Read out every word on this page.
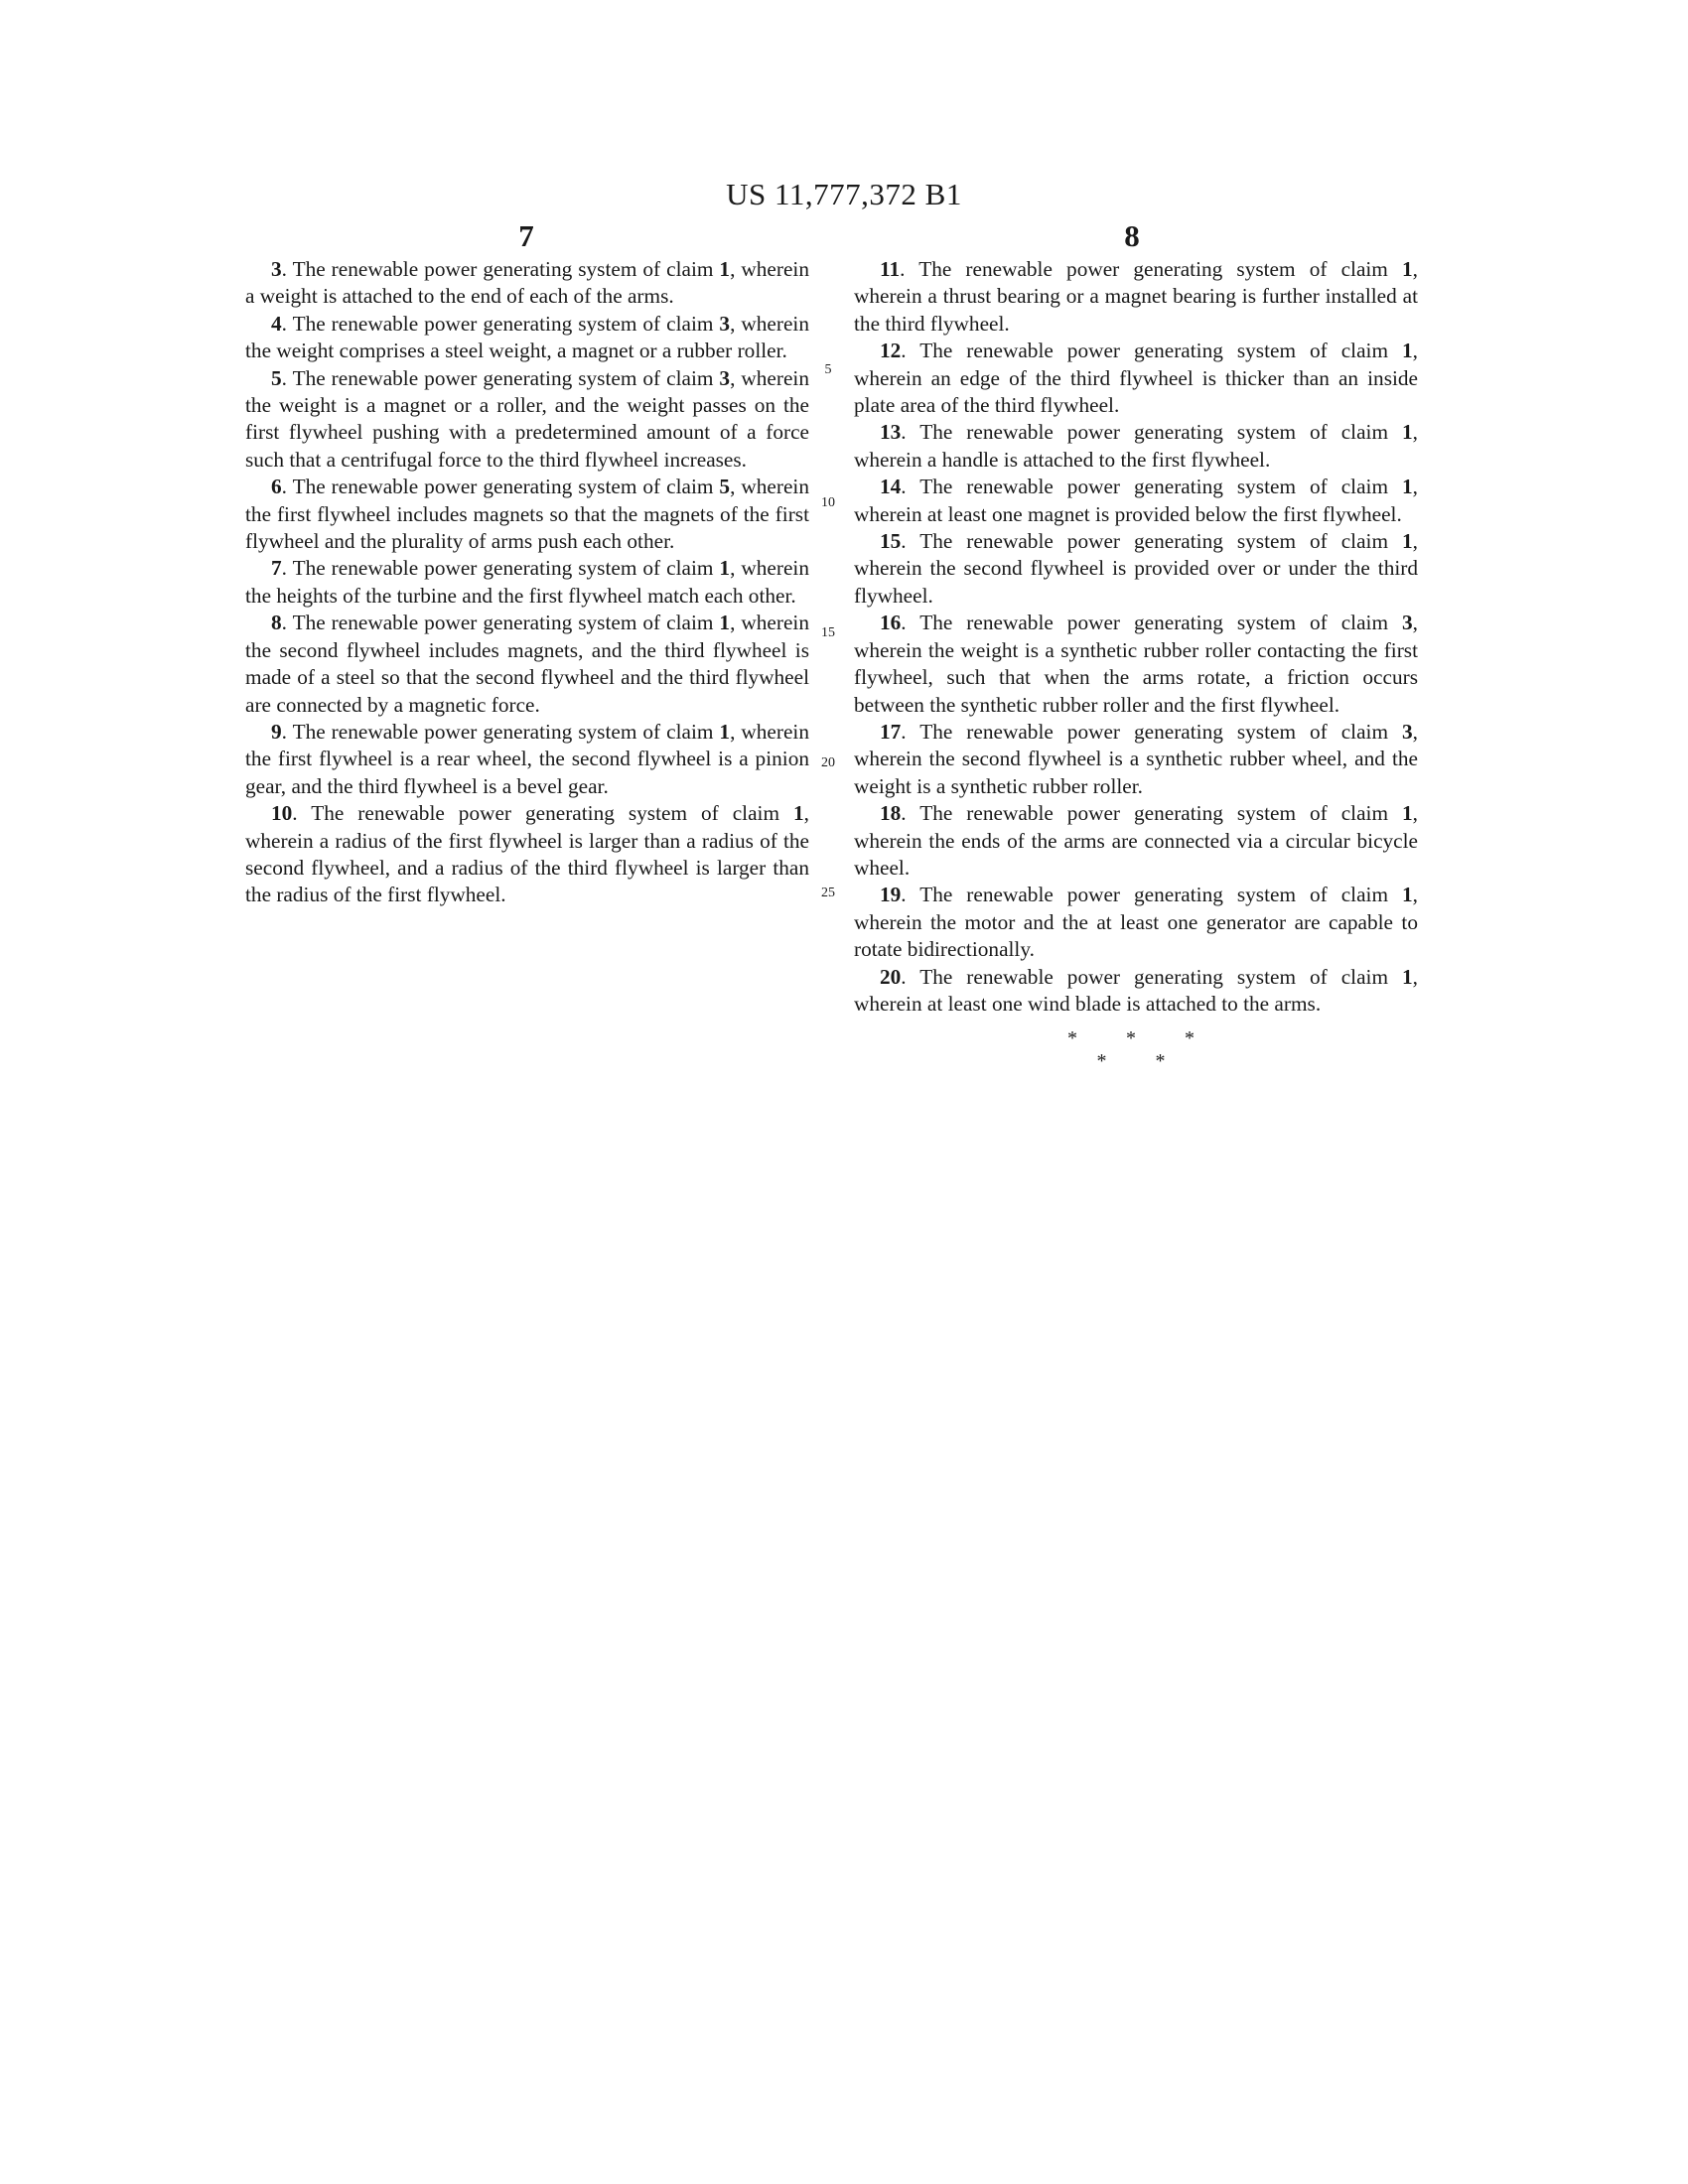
US 11,777,372 B1
7	8

3. The renewable power generating system of claim 1, wherein a weight is attached to the end of each of the arms.

4. The renewable power generating system of claim 3, wherein the weight comprises a steel weight, a magnet or a rubber roller.

5. The renewable power generating system of claim 3, wherein the weight is a magnet or a roller, and the weight passes on the first flywheel pushing with a predetermined amount of a force such that a centrifugal force to the third flywheel increases.

6. The renewable power generating system of claim 5, wherein the first flywheel includes magnets so that the magnets of the first flywheel and the plurality of arms push each other.

7. The renewable power generating system of claim 1, wherein the heights of the turbine and the first flywheel match each other.

8. The renewable power generating system of claim 1, wherein the second flywheel includes magnets, and the third flywheel is made of a steel so that the second flywheel and the third flywheel are connected by a magnetic force.

9. The renewable power generating system of claim 1, wherein the first flywheel is a rear wheel, the second flywheel is a pinion gear, and the third flywheel is a bevel gear.

10. The renewable power generating system of claim 1, wherein a radius of the first flywheel is larger than a radius of the second flywheel, and a radius of the third flywheel is larger than the radius of the first flywheel.

11. The renewable power generating system of claim 1, wherein a thrust bearing or a magnet bearing is further installed at the third flywheel.

12. The renewable power generating system of claim 1, wherein an edge of the third flywheel is thicker than an inside plate area of the third flywheel.

13. The renewable power generating system of claim 1, wherein a handle is attached to the first flywheel.

14. The renewable power generating system of claim 1, wherein at least one magnet is provided below the first flywheel.

15. The renewable power generating system of claim 1, wherein the second flywheel is provided over or under the third flywheel.

16. The renewable power generating system of claim 3, wherein the weight is a synthetic rubber roller contacting the first flywheel, such that when the arms rotate, a friction occurs between the synthetic rubber roller and the first flywheel.

17. The renewable power generating system of claim 3, wherein the second flywheel is a synthetic rubber wheel, and the weight is a synthetic rubber roller.

18. The renewable power generating system of claim 1, wherein the ends of the arms are connected via a circular bicycle wheel.

19. The renewable power generating system of claim 1, wherein the motor and the at least one generator are capable to rotate bidirectionally.

20. The renewable power generating system of claim 1, wherein at least one wind blade is attached to the arms.

5
10
15
20
25
* * * * *
